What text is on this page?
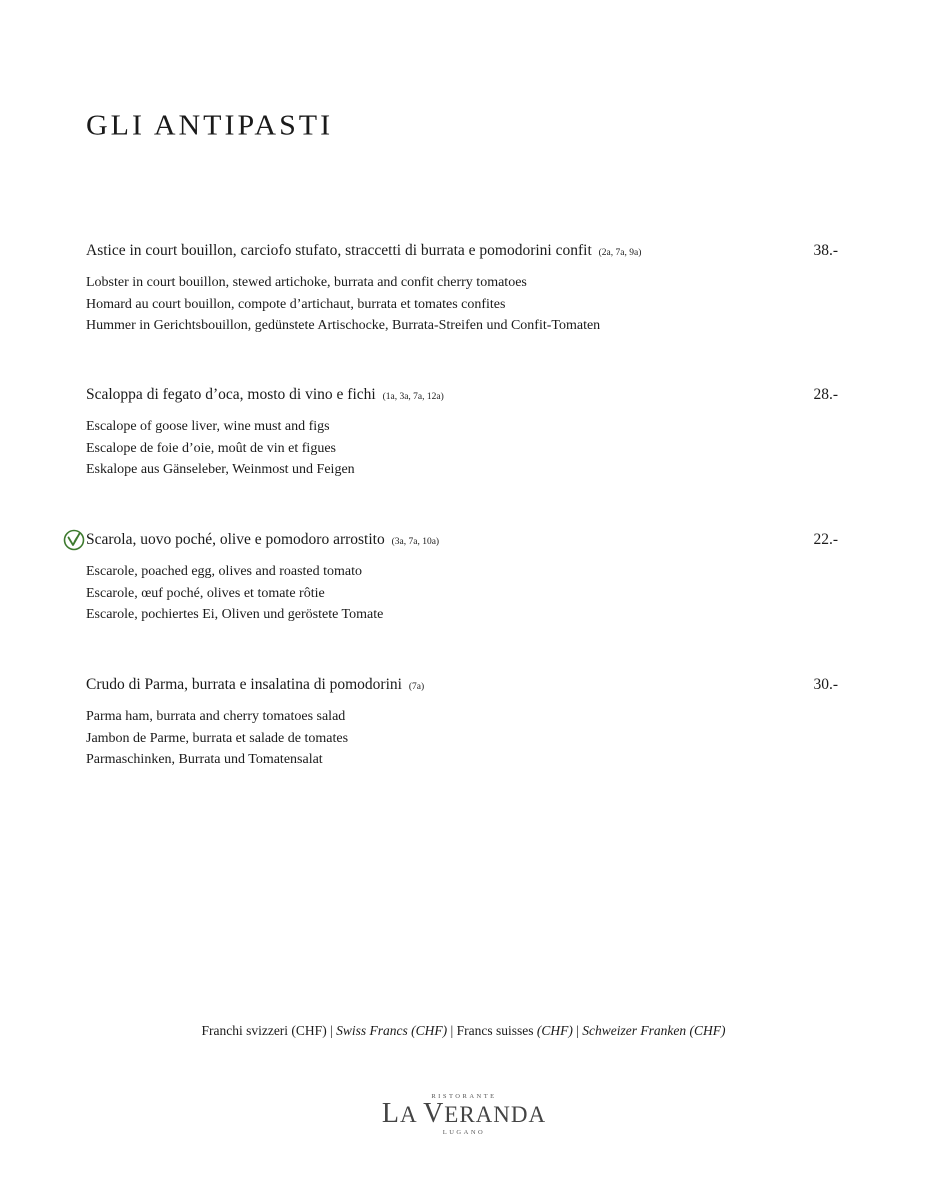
GLI ANTIPASTI
Astice in court bouillon, carciofo stufato, straccetti di burrata e pomodorini confit (2a, 7a, 9a)	38.-
Lobster in court bouillon, stewed artichoke, burrata and confit cherry tomatoes
Homard au court bouillon, compote d’artichaut, burrata et tomates confites
Hummer in Gerichtsbouillon, gedünstete Artischocke, Burrata-Streifen und Confit-Tomaten
Scaloppa di fegato d’oca, mosto di vino e fichi (1a, 3a, 7a, 12a)	28.-
Escalope of goose liver, wine must and figs
Escalope de foie d’oie, moût de vin et figues
Eskalope aus Gänseleber, Weinmost und Feigen
Scarola, uovo poché, olive e pomodoro arrostito (3a, 7a, 10a)	22.-
Escarole, poached egg, olives and roasted tomato
Escarole, œuf poché, olives et tomate rôtie
Escarole, pochiertes Ei, Oliven und geröstete Tomate
Crudo di Parma, burrata e insalatina di pomodorini (7a)	30.-
Parma ham, burrata and cherry tomatoes salad
Jambon de Parme, burrata et salade de tomates
Parmaschinken, Burrata und Tomatensalat
Franchi svizzeri (CHF) | Swiss Francs (CHF) | Francs suisses (CHF) | Schweizer Franken (CHF)
RISTORANTE
LA VERANDA
LUGANO
